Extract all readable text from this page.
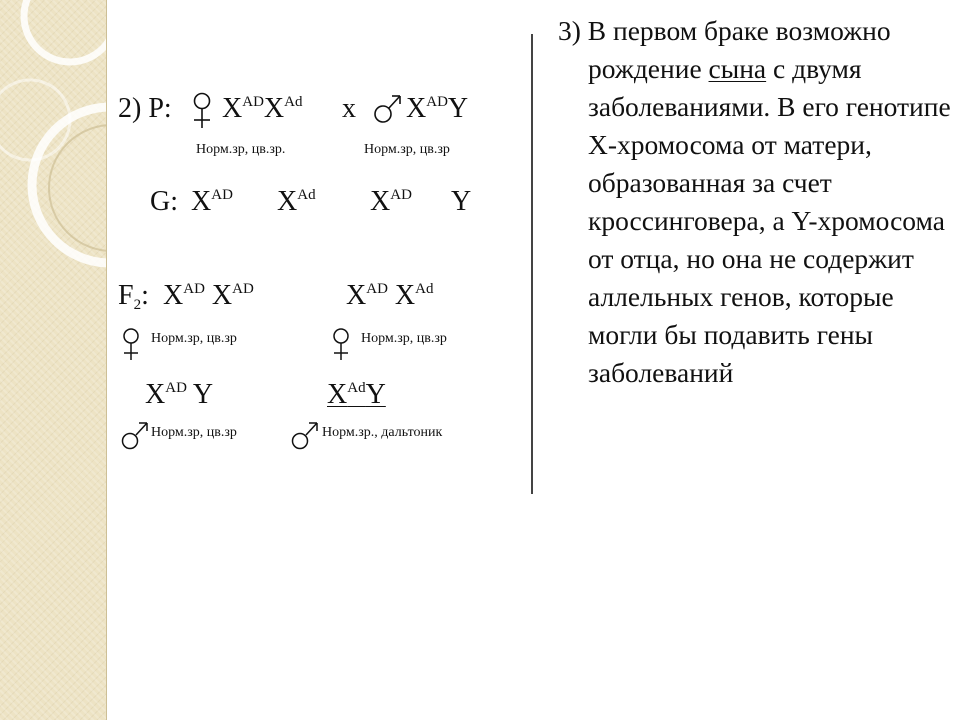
2) P: $X^{AD}X^{Ad}$ x $X^{AD}Y$
Норм.зр, цв.зр.	Норм.зр, цв.зр
G: $X^{AD}$ $X^{Ad}$ $X^{AD}$ Y
$F_2$: $X^{AD}$ $X^{AD}$	$X^{AD}$ $X^{Ad}$
Норм.зр, цв.зр	Норм.зр, цв.зр
$X^{AD}$ Y	$X^{Ad}Y$
Норм.зр, цв.зр	Норм.зр., дальтоник

3) В первом браке возможно рождение сына с двумя заболеваниями. В его генотипе Х-хромосома от матери, образованная за счет кроссинговера, а Y-хромосома от отца, но она не содержит аллельных генов, которые могли бы подавить гены заболеваний
